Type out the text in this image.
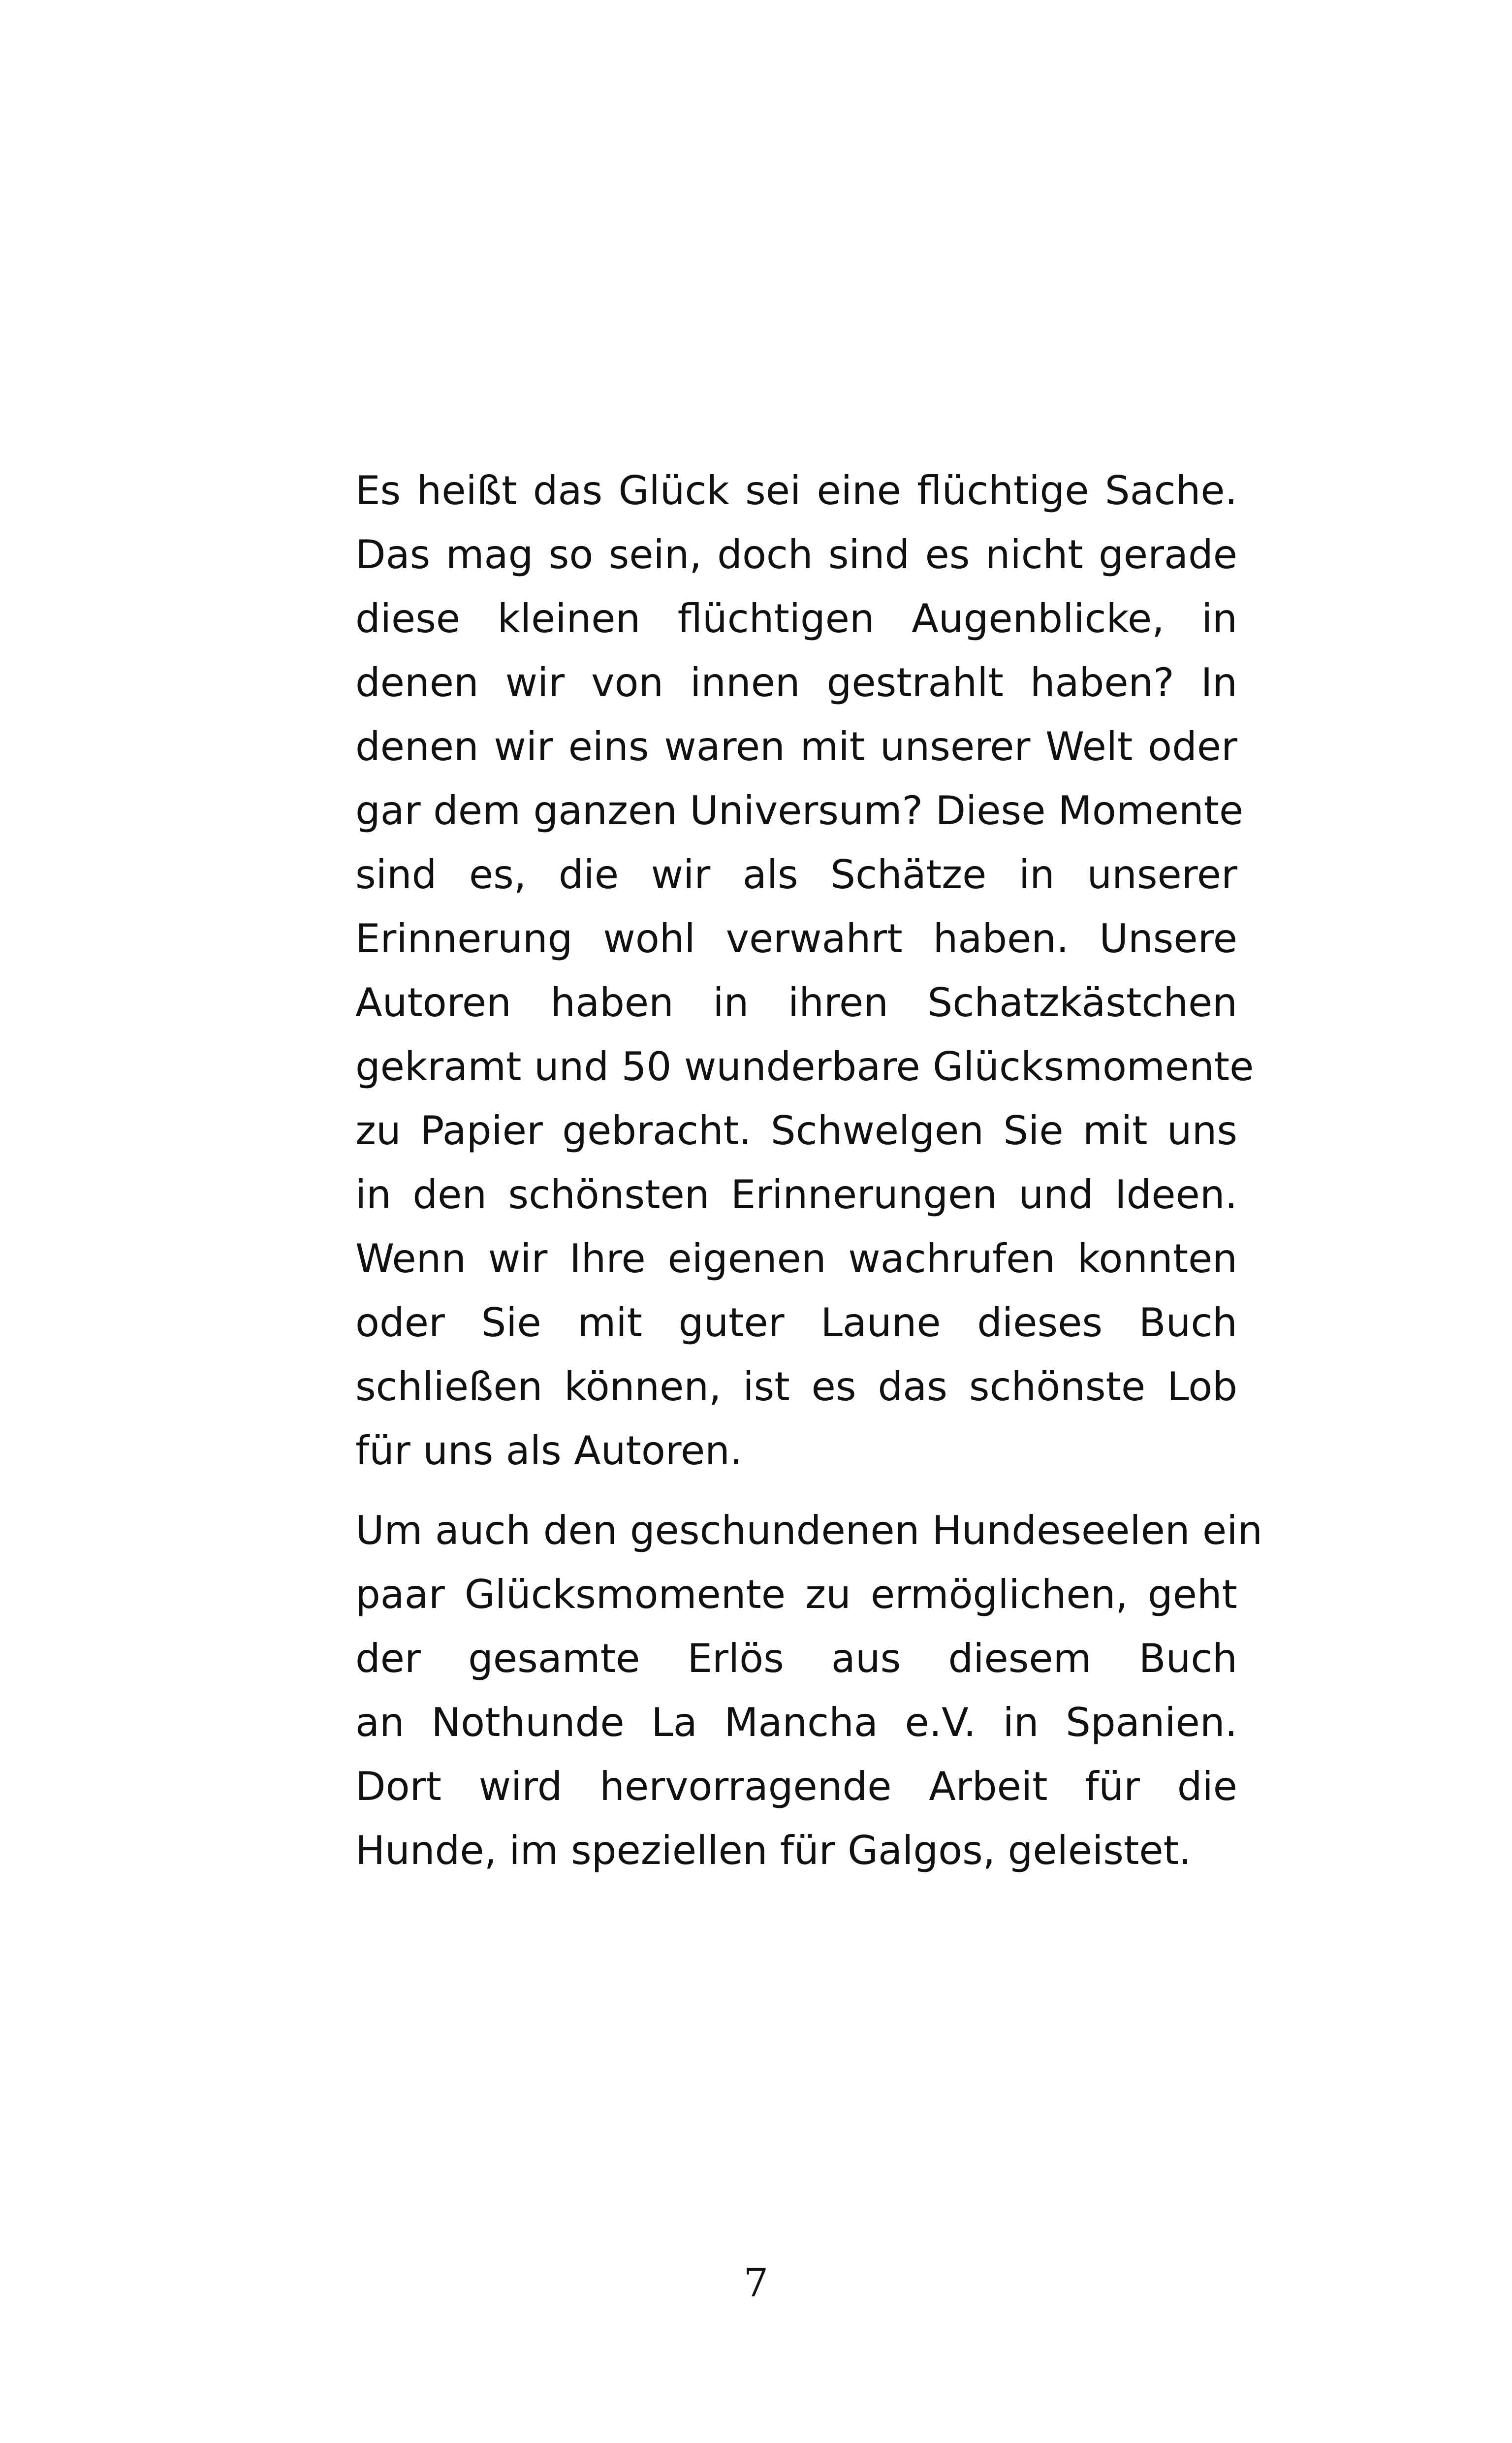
Es heißt das Glück sei eine flüchtige Sache.
Das mag so sein, doch sind es nicht gerade
diese kleinen flüchtigen Augenblicke, in
denen wir von innen gestrahlt haben? In
denen wir eins waren mit unserer Welt oder
gar dem ganzen Universum? Diese Momente
sind es, die wir als Schätze in unserer
Erinnerung wohl verwahrt haben. Unsere
Autoren haben in ihren Schatzkästchen
gekramt und 50 wunderbare Glücksmomente
zu Papier gebracht. Schwelgen Sie mit uns
in den schönsten Erinnerungen und Ideen.
Wenn wir Ihre eigenen wachrufen konnten
oder Sie mit guter Laune dieses Buch
schließen können, ist es das schönste Lob
für uns als Autoren.

Um auch den geschundenen Hundeseelen ein
paar Glücksmomente zu ermöglichen, geht
der gesamte Erlös aus diesem Buch
an Nothunde La Mancha e.V. in Spanien.
Dort wird hervorragende Arbeit für die
Hunde, im speziellen für Galgos, geleistet.

7
